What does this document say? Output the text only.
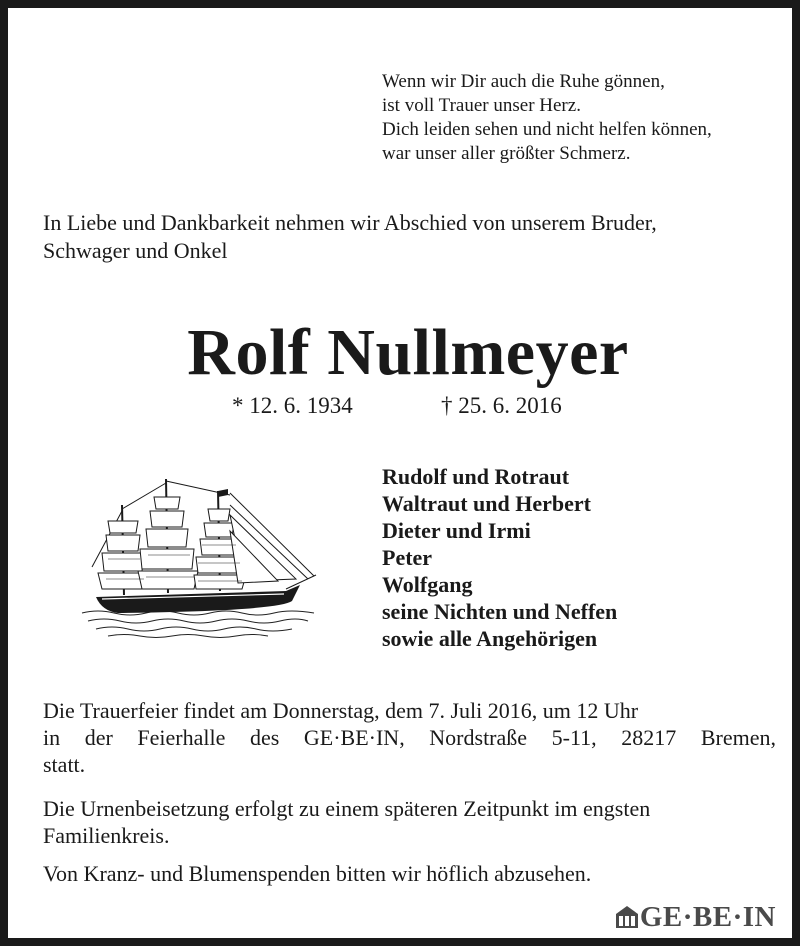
Wenn wir Dir auch die Ruhe gönnen,
ist voll Trauer unser Herz.
Dich leiden sehen und nicht helfen können,
war unser aller größter Schmerz.
In Liebe und Dankbarkeit nehmen wir Abschied von unserem Bruder,
Schwager und Onkel
Rolf Nullmeyer
* 12. 6. 1934	† 25. 6. 2016
Rudolf und Rotraut
Waltraut und Herbert
Dieter und Irmi
Peter
Wolfgang
seine Nichten und Neffen
sowie alle Angehörigen
Die Trauerfeier findet am Donnerstag, dem 7. Juli 2016, um 12 Uhr
in der Feierhalle des GE·BE·IN, Nordstraße 5-11, 28217 Bremen,
statt.
Die Urnenbeisetzung erfolgt zu einem späteren Zeitpunkt im engsten
Familienkreis.
Von Kranz- und Blumenspenden bitten wir höflich abzusehen.
GE·BE·IN
